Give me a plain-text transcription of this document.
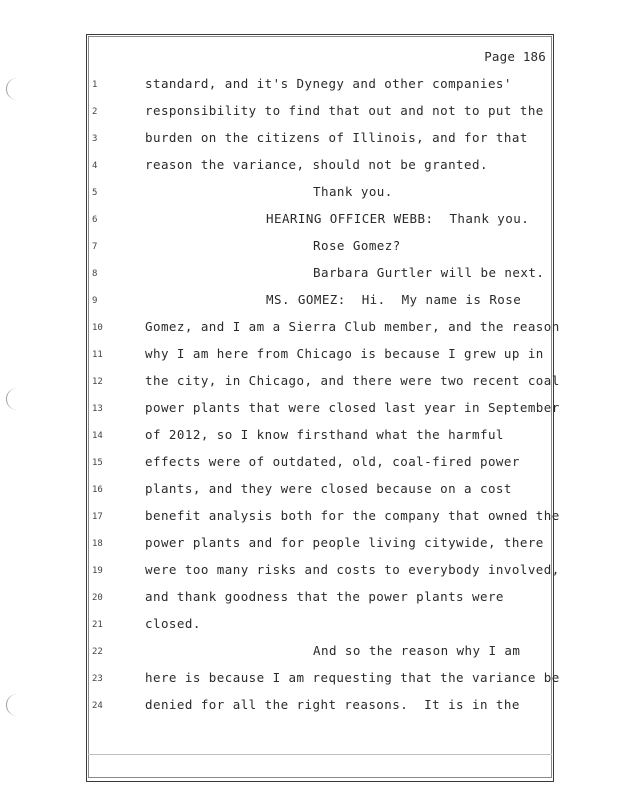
Page 186
1	standard, and it's Dynegy and other companies'
2	responsibility to find that out and not to put the
3	burden on the citizens of Illinois, and for that
4	reason the variance, should not be granted.
5	Thank you.
6	HEARING OFFICER WEBB:  Thank you.
7	Rose Gomez?
8	Barbara Gurtler will be next.
9	MS. GOMEZ:  Hi.  My name is Rose
10	Gomez, and I am a Sierra Club member, and the reason
11	why I am here from Chicago is because I grew up in
12	the city, in Chicago, and there were two recent coal
13	power plants that were closed last year in September
14	of 2012, so I know firsthand what the harmful
15	effects were of outdated, old, coal-fired power
16	plants, and they were closed because on a cost
17	benefit analysis both for the company that owned the
18	power plants and for people living citywide, there
19	were too many risks and costs to everybody involved,
20	and thank goodness that the power plants were
21	closed.
22	And so the reason why I am
23	here is because I am requesting that the variance be
24	denied for all the right reasons.  It is in the
